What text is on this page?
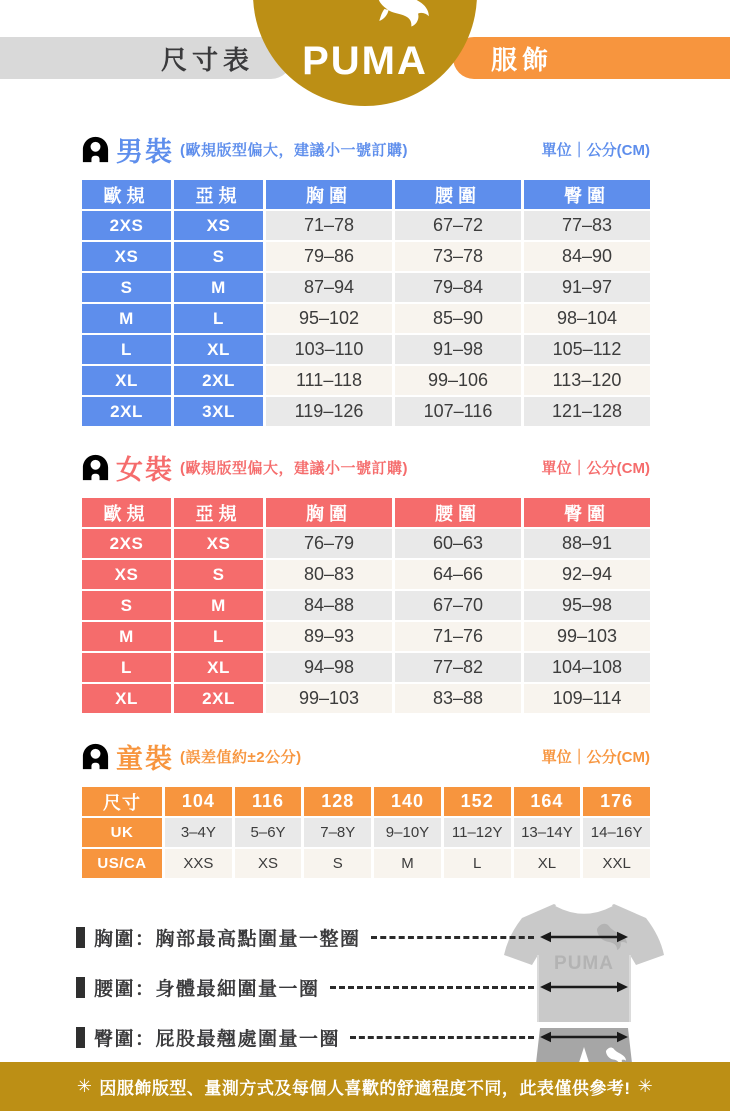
尺寸表	服飾
PUMA
男裝 (歐規版型偏大，建議小一號訂購)	單位｜公分(CM)
歐規	亞規	胸圍	腰圍	臀圍
2XS	XS	71–78	67–72	77–83
XS	S	79–86	73–78	84–90
S	M	87–94	79–84	91–97
M	L	95–102	85–90	98–104
L	XL	103–110	91–98	105–112
XL	2XL	111–118	99–106	113–120
2XL	3XL	119–126	107–116	121–128
女裝 (歐規版型偏大，建議小一號訂購)	單位｜公分(CM)
歐規	亞規	胸圍	腰圍	臀圍
2XS	XS	76–79	60–63	88–91
XS	S	80–83	64–66	92–94
S	M	84–88	67–70	95–98
M	L	89–93	71–76	99–103
L	XL	94–98	77–82	104–108
XL	2XL	99–103	83–88	109–114
童裝 (誤差值約±2公分)	單位｜公分(CM)
尺寸	104	116	128	140	152	164	176
UK	3–4Y	5–6Y	7–8Y	9–10Y	11–12Y	13–14Y	14–16Y
US/CA	XXS	XS	S	M	L	XL	XXL
胸圍：胸部最高點圍量一整圈
腰圍：身體最細圍量一圈
臀圍：屁股最翹處圍量一圈
PUMA
✳ 因服飾版型、量測方式及每個人喜歡的舒適程度不同，此表僅供參考! ✳
